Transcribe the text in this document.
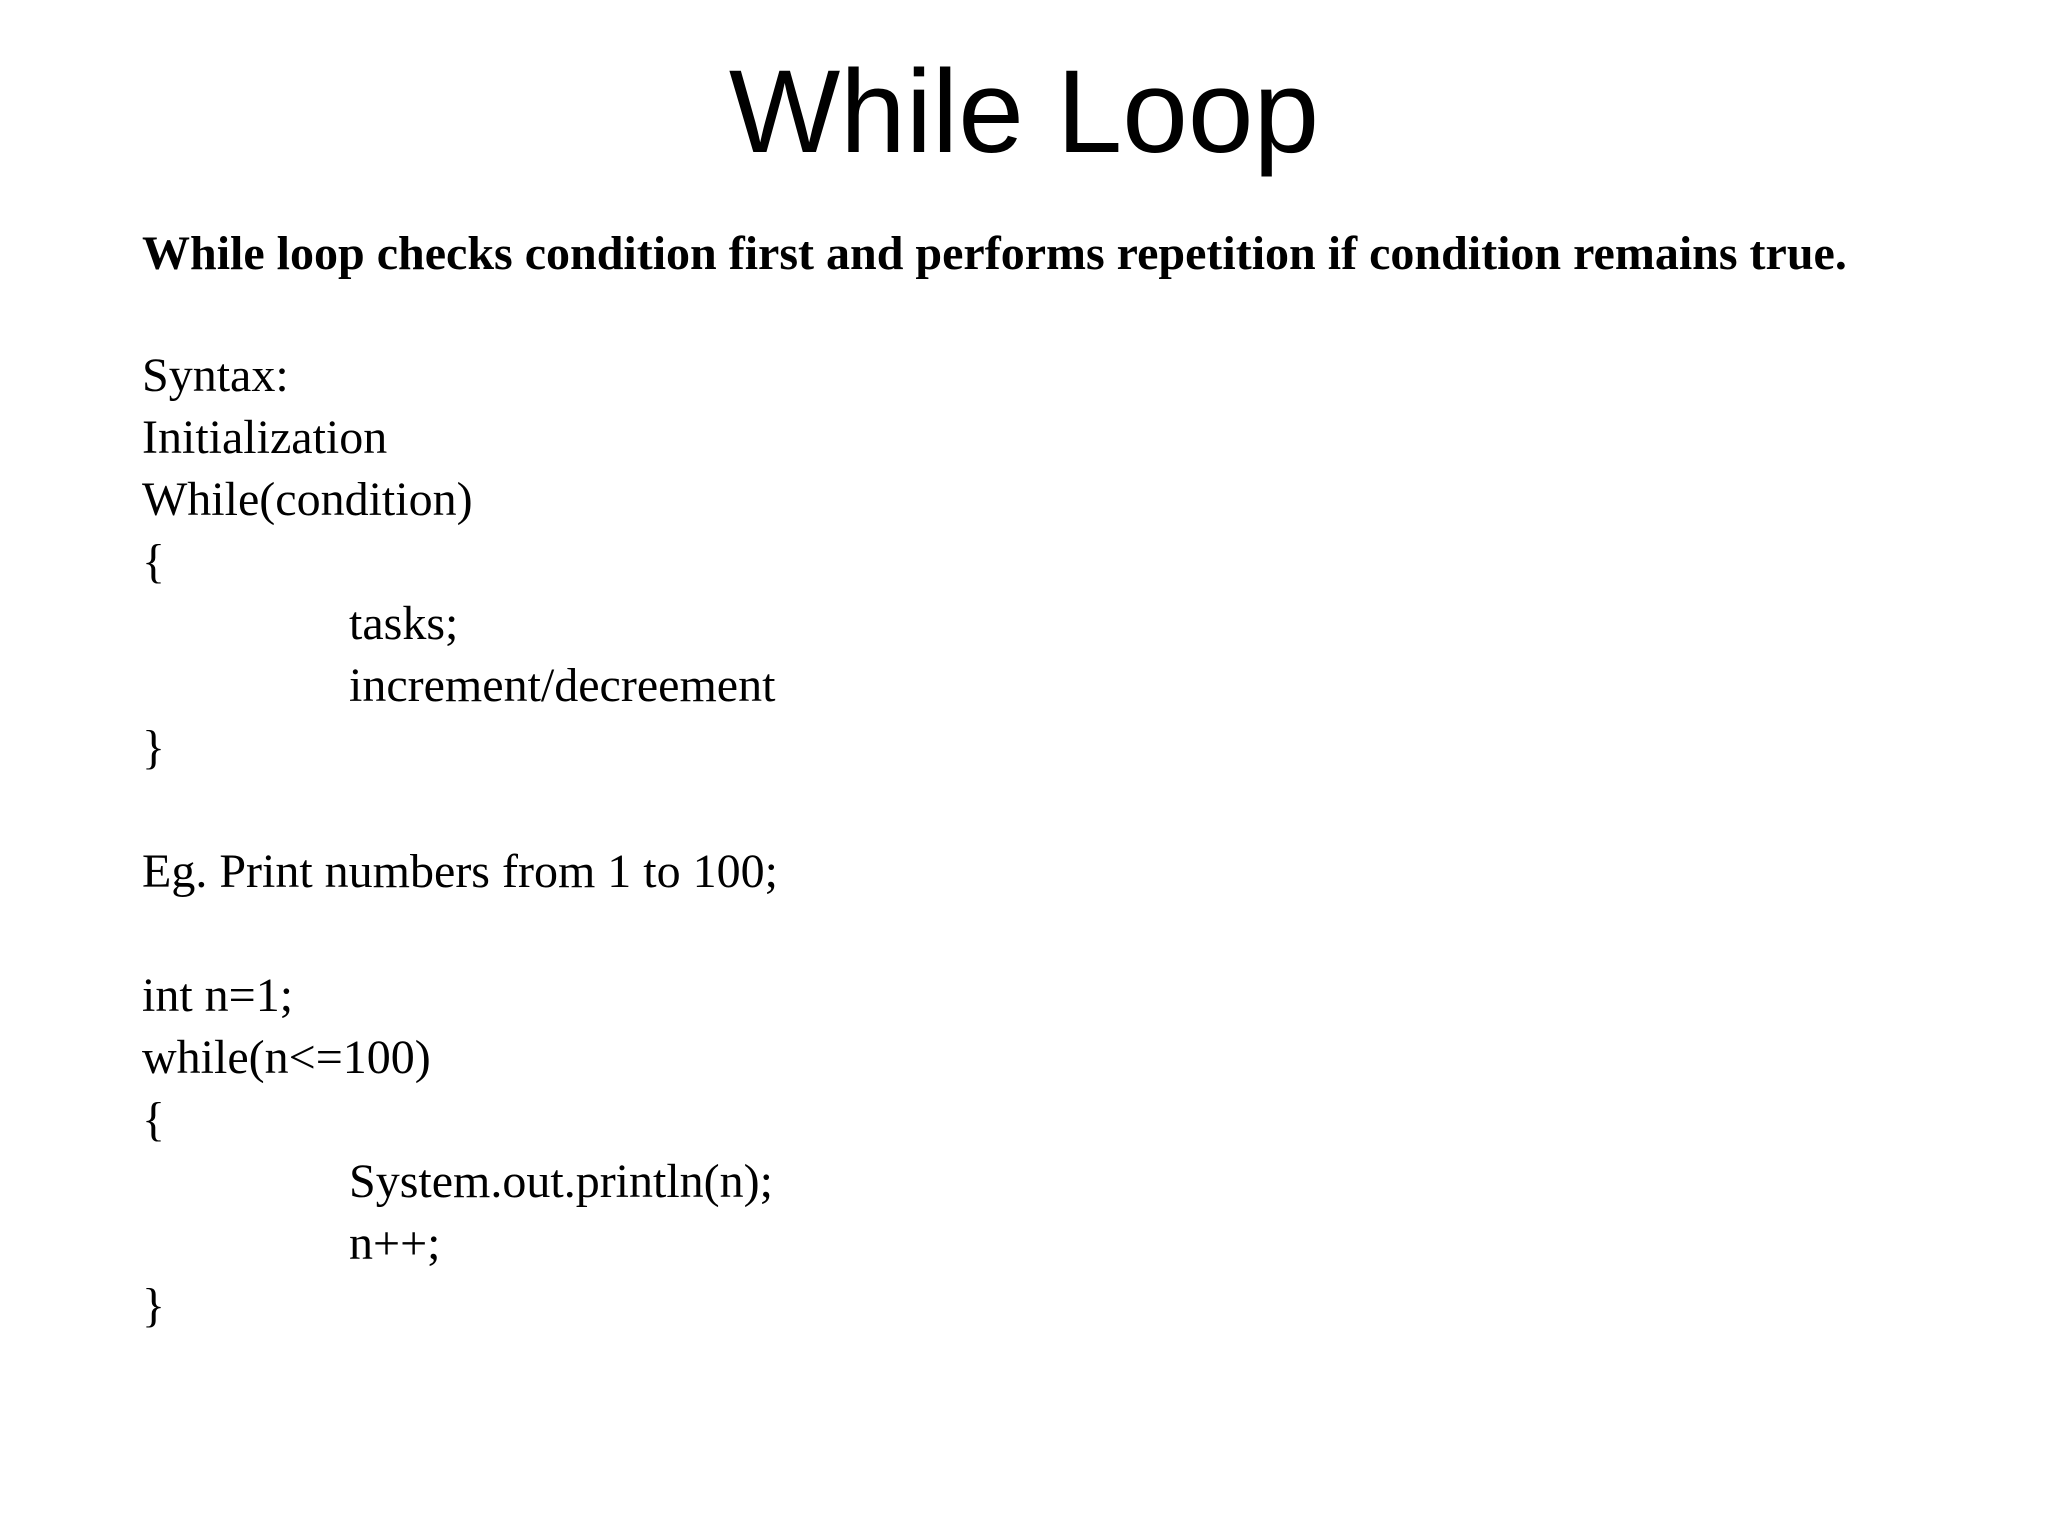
While Loop

While loop checks condition first and performs repetition if condition remains true.

Syntax:
Initialization
While(condition)
{
tasks;
increment/decreement
}
Eg. Print numbers from 1 to 100;
int n=1;
while(n<=100)
{
System.out.println(n);
n++;
}
